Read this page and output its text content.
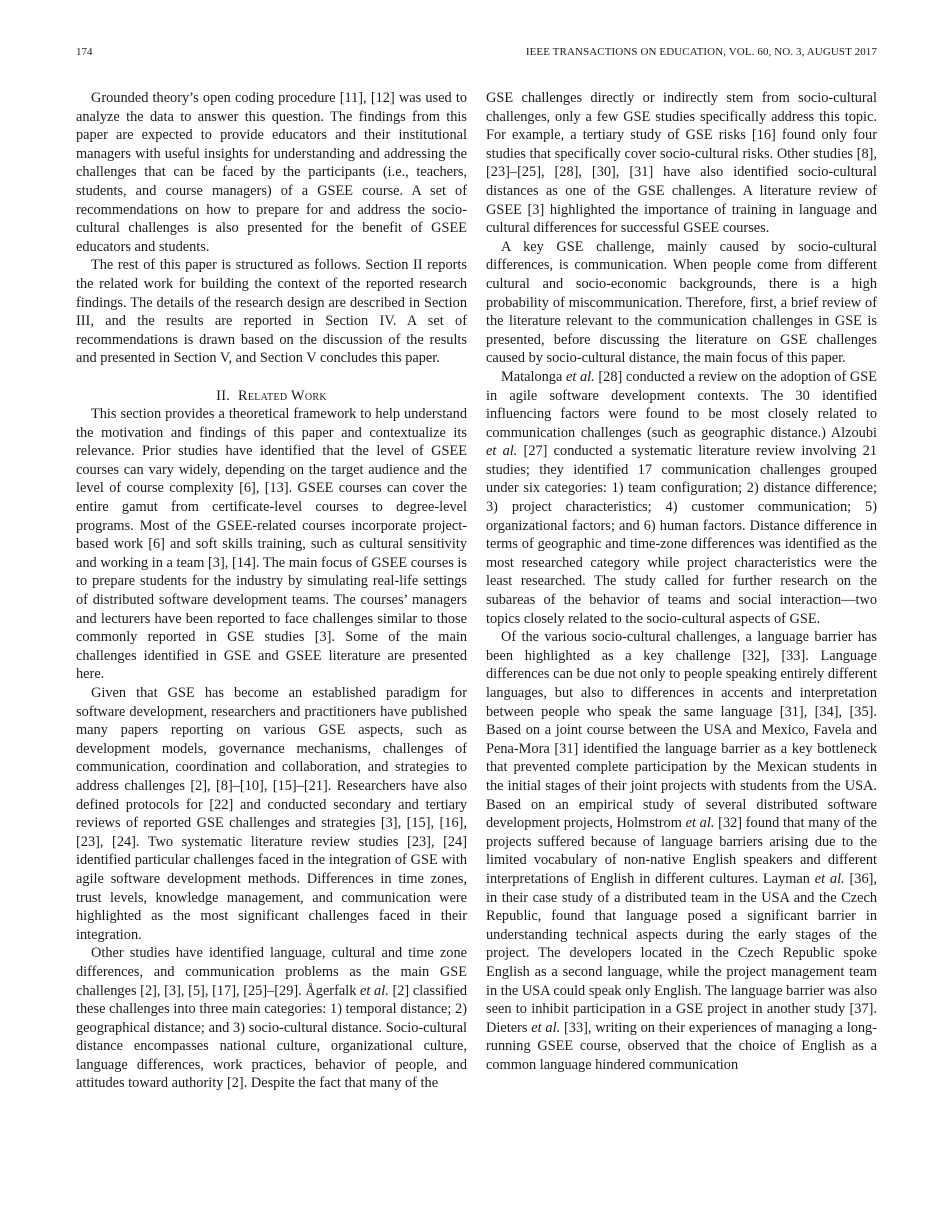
174	IEEE TRANSACTIONS ON EDUCATION, VOL. 60, NO. 3, AUGUST 2017

Grounded theory’s open coding procedure [11], [12] was used to analyze the data to answer this question. The findings from this paper are expected to provide educators and their institutional managers with useful insights for understanding and addressing the challenges that can be faced by the participants (i.e., teachers, students, and course managers) of a GSEE course. A set of recommendations on how to prepare for and address the socio-cultural challenges is also presented for the benefit of GSEE educators and students.

The rest of this paper is structured as follows. Section II reports the related work for building the context of the reported research findings. The details of the research design are described in Section III, and the results are reported in Section IV. A set of recommendations is drawn based on the discussion of the results and presented in Section V, and Section V concludes this paper.

II. Related Work

This section provides a theoretical framework to help understand the motivation and findings of this paper and contextualize its relevance. Prior studies have identified that the level of GSEE courses can vary widely, depending on the target audience and the level of course complexity [6], [13]. GSEE courses can cover the entire gamut from certificate-level courses to degree-level programs. Most of the GSEE-related courses incorporate project-based work [6] and soft skills training, such as cultural sensitivity and working in a team [3], [14]. The main focus of GSEE courses is to prepare students for the industry by simulating real-life settings of distributed software development teams. The courses’ managers and lecturers have been reported to face challenges similar to those commonly reported in GSE studies [3]. Some of the main challenges identified in GSE and GSEE literature are presented here.

Given that GSE has become an established paradigm for software development, researchers and practitioners have published many papers reporting on various GSE aspects, such as development models, governance mechanisms, challenges of communication, coordination and collaboration, and strategies to address challenges [2], [8]–[10], [15]–[21]. Researchers have also defined protocols for [22] and conducted secondary and tertiary reviews of reported GSE challenges and strategies [3], [15], [16], [23], [24]. Two systematic literature review studies [23], [24] identified particular challenges faced in the integration of GSE with agile software development methods. Differences in time zones, trust levels, knowledge management, and communication were highlighted as the most significant challenges faced in their integration.

Other studies have identified language, cultural and time zone differences, and communication problems as the main GSE challenges [2], [3], [5], [17], [25]–[29]. Ågerfalk et al. [2] classified these challenges into three main categories: 1) temporal distance; 2) geographical distance; and 3) socio-cultural distance. Socio-cultural distance encompasses national culture, organizational culture, language differences, work practices, behavior of people, and attitudes toward authority [2]. Despite the fact that many of the

GSE challenges directly or indirectly stem from socio-cultural challenges, only a few GSE studies specifically address this topic. For example, a tertiary study of GSE risks [16] found only four studies that specifically cover socio-cultural risks. Other studies [8], [23]–[25], [28], [30], [31] have also identified socio-cultural distances as one of the GSE challenges. A literature review of GSEE [3] highlighted the importance of training in language and cultural differences for successful GSEE courses.

A key GSE challenge, mainly caused by socio-cultural differences, is communication. When people come from different cultural and socio-economic backgrounds, there is a high probability of miscommunication. Therefore, first, a brief review of the literature relevant to the communication challenges in GSE is presented, before discussing the literature on GSE challenges caused by socio-cultural distance, the main focus of this paper.

Matalonga et al. [28] conducted a review on the adoption of GSE in agile software development contexts. The 30 identified influencing factors were found to be most closely related to communication challenges (such as geographic distance.) Alzoubi et al. [27] conducted a systematic literature review involving 21 studies; they identified 17 communication challenges grouped under six categories: 1) team configuration; 2) distance difference; 3) project characteristics; 4) customer communication; 5) organizational factors; and 6) human factors. Distance difference in terms of geographic and time-zone differences was identified as the most researched category while project characteristics were the least researched. The study called for further research on the subareas of the behavior of teams and social interaction—two topics closely related to the socio-cultural aspects of GSE.

Of the various socio-cultural challenges, a language barrier has been highlighted as a key challenge [32], [33]. Language differences can be due not only to people speaking entirely different languages, but also to differences in accents and interpretation between people who speak the same language [31], [34], [35]. Based on a joint course between the USA and Mexico, Favela and Pena-Mora [31] identified the language barrier as a key bottleneck that prevented complete participation by the Mexican students in the initial stages of their joint projects with students from the USA. Based on an empirical study of several distributed software development projects, Holmstrom et al. [32] found that many of the projects suffered because of language barriers arising due to the limited vocabulary of non-native English speakers and different interpretations of English in different cultures. Layman et al. [36], in their case study of a distributed team in the USA and the Czech Republic, found that language posed a significant barrier in understanding technical aspects during the early stages of the project. The developers located in the Czech Republic spoke English as a second language, while the project management team in the USA could speak only English. The language barrier was also seen to inhibit participation in a GSE project in another study [37]. Dieters et al. [33], writing on their experiences of managing a long-running GSEE course, observed that the choice of English as a common language hindered communication
